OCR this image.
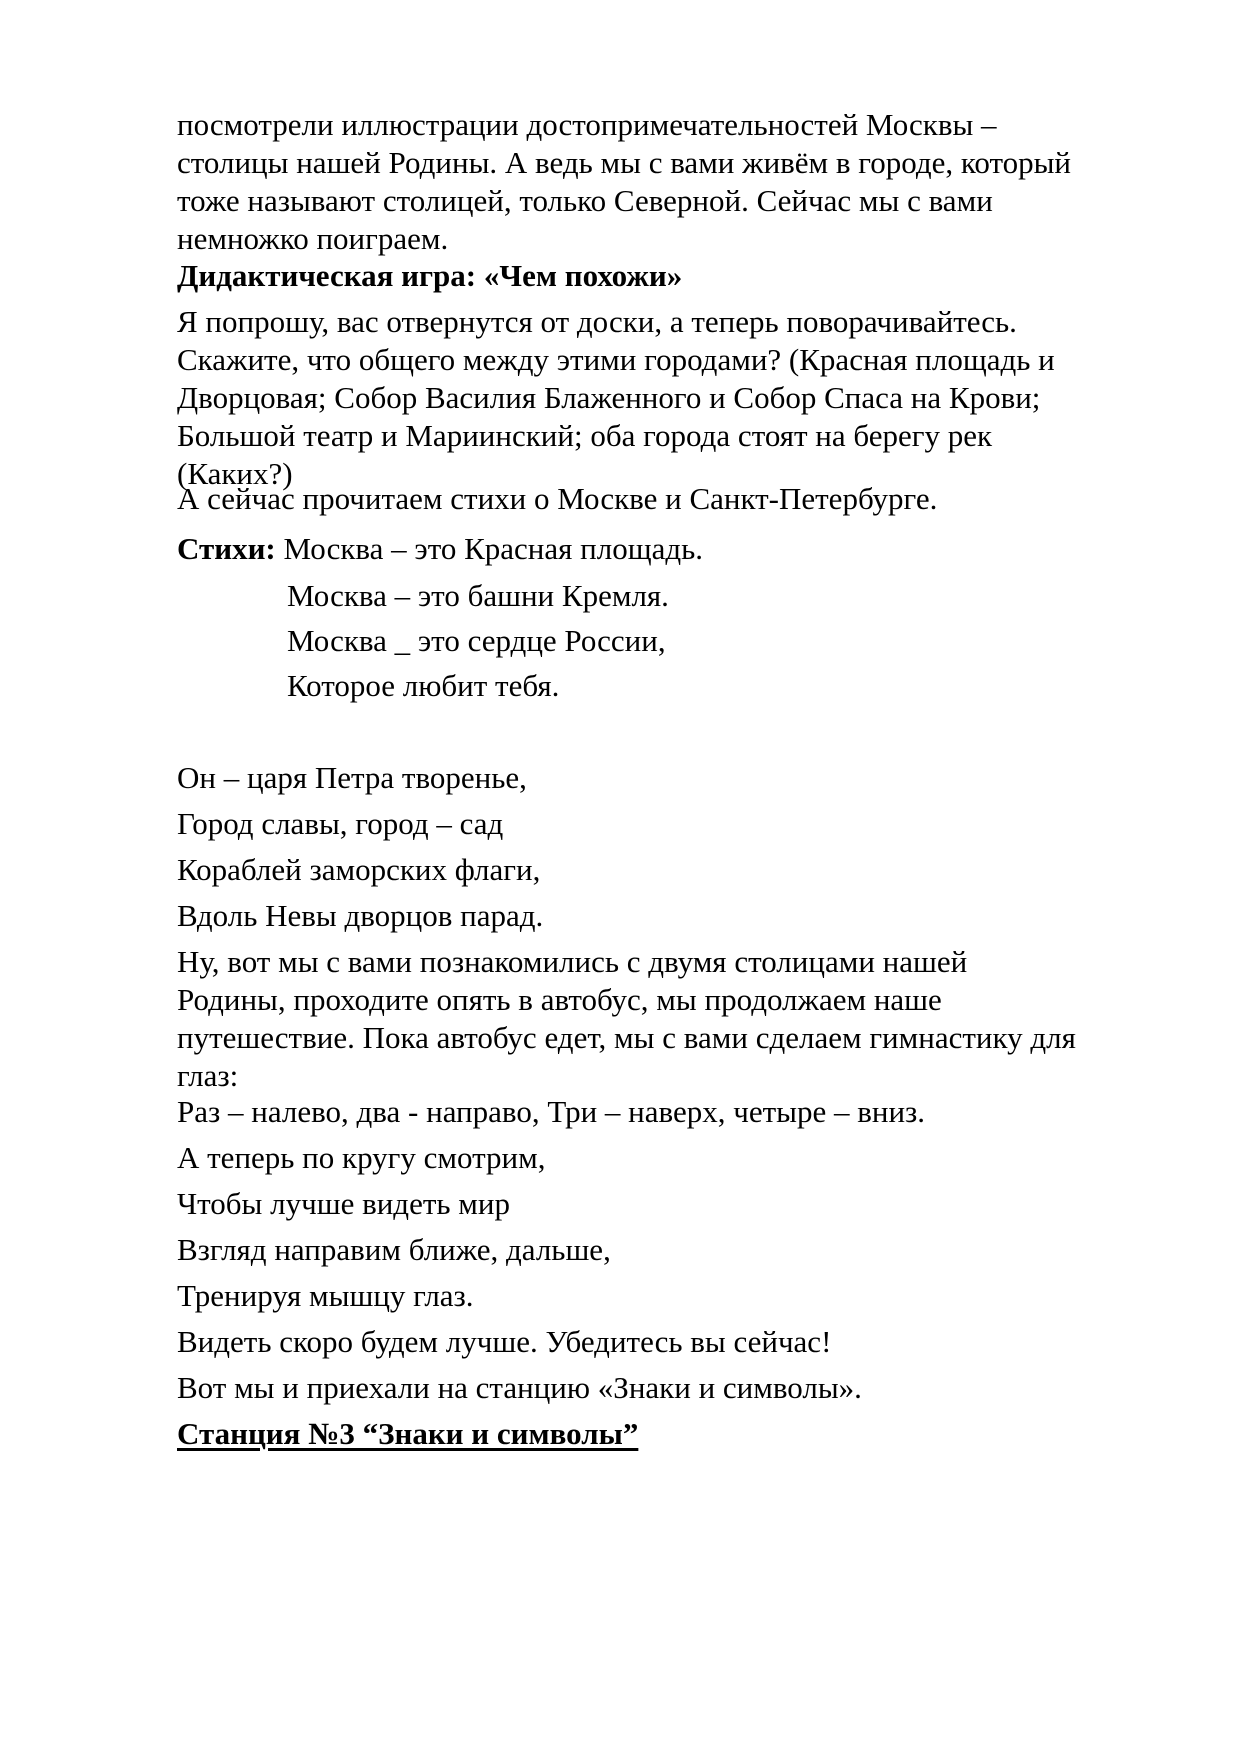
посмотрели иллюстрации достопримечательностей Москвы –
столицы нашей Родины. А ведь мы с вами живём в городе, который
тоже называют столицей, только Северной. Сейчас мы с вами
немножко поиграем.

Дидактическая игра: «Чем похожи»

Я попрошу, вас отвернутся от доски, а теперь поворачивайтесь.
Скажите, что общего между этими городами? (Красная площадь и
Дворцовая; Собор Василия Блаженного и Собор Спаса на Крови;
Большой театр и Мариинский; оба города стоят на берегу рек
(Каких?)

А сейчас прочитаем стихи о Москве и Санкт-Петербурге.

Стихи: Москва – это Красная площадь.

Москва – это башни Кремля.

Москва _ это сердце России,

Которое любит тебя.

Он – царя Петра творенье,

Город славы, город – сад

Кораблей заморских флаги,

Вдоль Невы дворцов парад.

Ну, вот мы с вами познакомились с двумя столицами нашей
Родины, проходите опять в автобус, мы продолжаем наше
путешествие. Пока автобус едет, мы с вами сделаем гимнастику для
глаз:

Раз – налево, два - направо, Три – наверх, четыре – вниз.

А теперь по кругу смотрим,

Чтобы лучше видеть мир

Взгляд направим ближе, дальше,

Тренируя мышцу глаз.

Видеть скоро будем лучше. Убедитесь вы сейчас!

Вот мы и приехали на станцию «Знаки и символы».

Станция №3 “Знаки и символы”
